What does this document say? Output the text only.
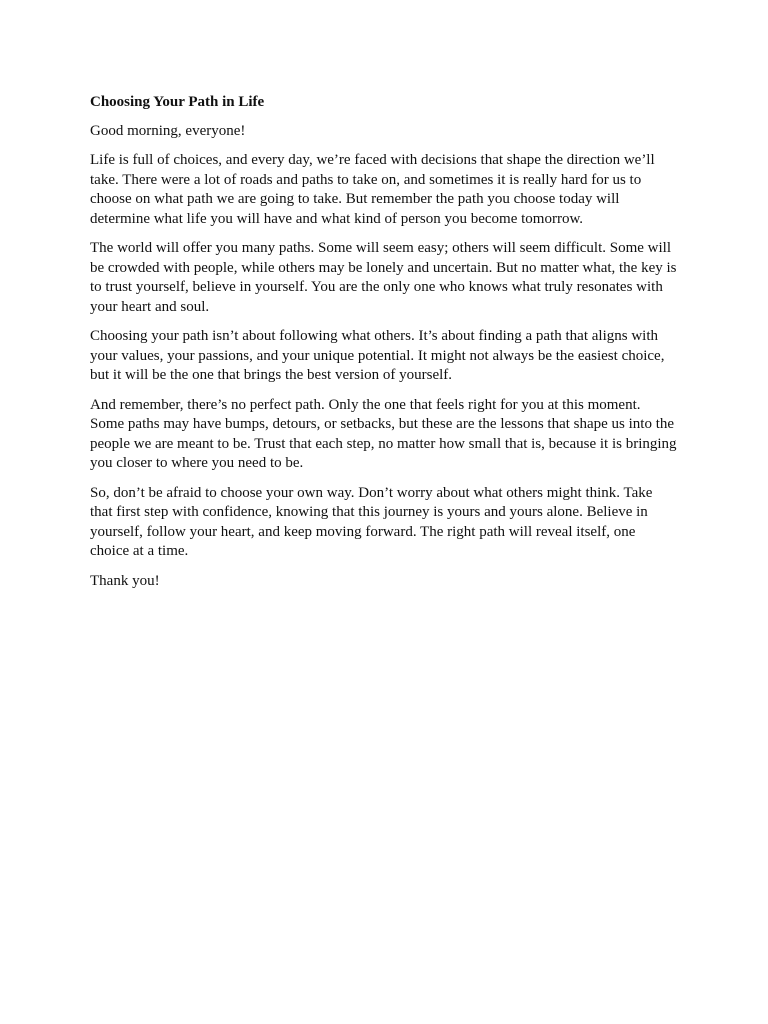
Choosing Your Path in Life

Good morning, everyone!

Life is full of choices, and every day, we’re faced with decisions that shape the direction we’ll take. There were a lot of roads and paths to take on, and sometimes it is really hard for us to choose on what path we are going to take. But remember the path you choose today will determine what life you will have and what kind of person you become tomorrow.

The world will offer you many paths. Some will seem easy; others will seem difficult. Some will be crowded with people, while others may be lonely and uncertain. But no matter what, the key is to trust yourself, believe in yourself. You are the only one who knows what truly resonates with your heart and soul.

Choosing your path isn’t about following what others. It’s about finding a path that aligns with your values, your passions, and your unique potential. It might not always be the easiest choice, but it will be the one that brings the best version of yourself.

And remember, there’s no perfect path. Only the one that feels right for you at this moment. Some paths may have bumps, detours, or setbacks, but these are the lessons that shape us into the people we are meant to be. Trust that each step, no matter how small that is, because it is bringing you closer to where you need to be.

So, don’t be afraid to choose your own way. Don’t worry about what others might think. Take that first step with confidence, knowing that this journey is yours and yours alone. Believe in yourself, follow your heart, and keep moving forward. The right path will reveal itself, one choice at a time.

Thank you!
